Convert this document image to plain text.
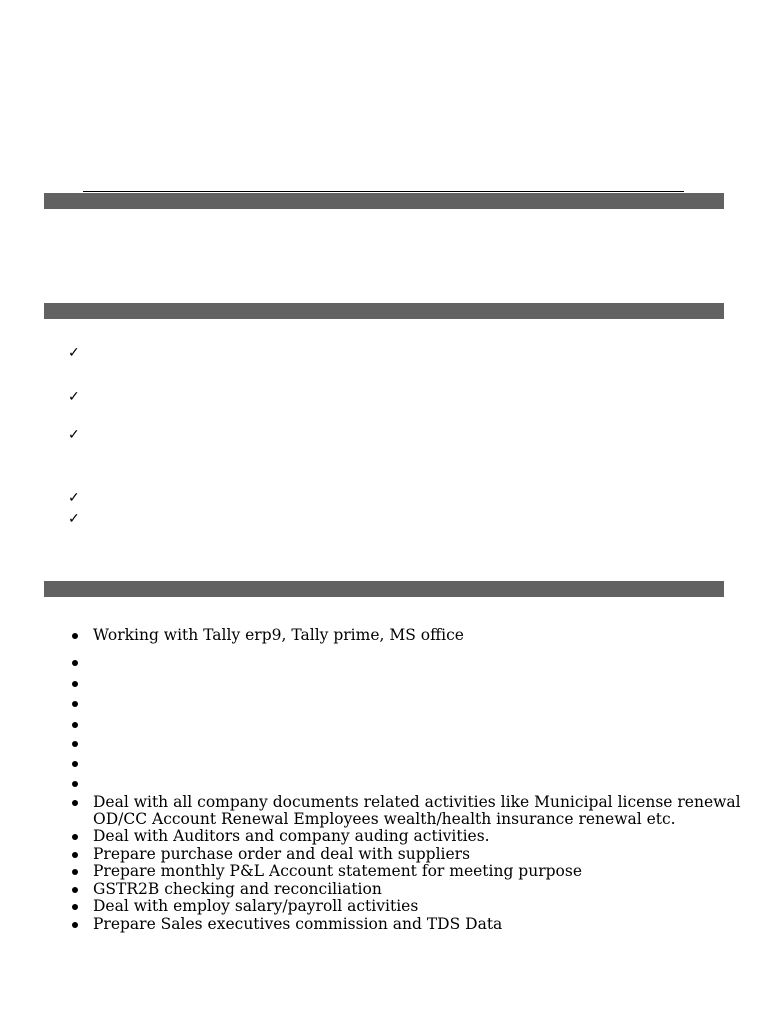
✓
✓
✓
✓
✓
Working with Tally erp9, Tally prime, MS office
Deal with all company documents related activities like Municipal license renewal
OD/CC Account Renewal Employees wealth/health insurance renewal etc.
Deal with Auditors and company auding activities.
Prepare purchase order and deal with suppliers
Prepare monthly P&L Account statement for meeting purpose
GSTR2B checking and reconciliation
Deal with employ salary/payroll activities
Prepare Sales executives commission and TDS Data
